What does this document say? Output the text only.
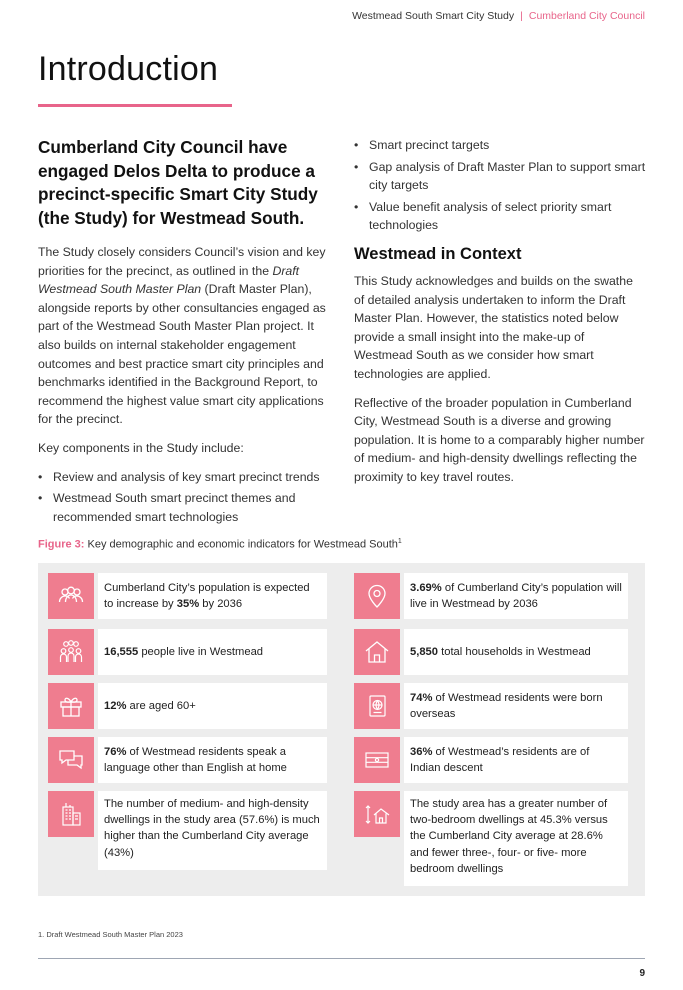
Westmead South Smart City Study | Cumberland City Council
Introduction

Cumberland City Council have engaged Delos Delta to produce a precinct-specific Smart City Study (the Study) for Westmead South.

The Study closely considers Council’s vision and key priorities for the precinct, as outlined in the Draft Westmead South Master Plan (Draft Master Plan), alongside reports by other consultancies engaged as part of the Westmead South Master Plan project. It also builds on internal stakeholder engagement outcomes and best practice smart city principles and benchmarks identified in the Background Report, to recommend the highest value smart city applications for the precinct.

Key components in the Study include:

• Review and analysis of key smart precinct trends
• Westmead South smart precinct themes and recommended smart technologies
• Smart precinct targets
• Gap analysis of Draft Master Plan to support smart city targets
• Value benefit analysis of select priority smart technologies
Westmead in Context

This Study acknowledges and builds on the swathe of detailed analysis undertaken to inform the Draft Master Plan. However, the statistics noted below provide a small insight into the make-up of Westmead South as we consider how smart technologies are applied.

Reflective of the broader population in Cumberland City, Westmead South is a diverse and growing population. It is home to a comparably higher number of medium- and high-density dwellings reflecting the proximity to key travel routes.

Figure 3: Key demographic and economic indicators for Westmead South$^1$
Cumberland City’s population is expected to increase by 35% by 2036
3.69% of Cumberland City’s population will live in Westmead by 2036
16,555 people live in Westmead	5,850 total households in Westmead
12% are aged 60+
74% of Westmead residents were born overseas
76% of Westmead residents speak a language other than English at home
36% of Westmead’s residents are of Indian descent
The number of medium- and high-density dwellings in the study area (57.6%) is much higher than the Cumberland City average (43%)
The study area has a greater number of two-bedroom dwellings at 45.3% versus the Cumberland City average at 28.6% and fewer three-, four- or five- more bedroom dwellings
1. Draft Westmead South Master Plan 2023
9
